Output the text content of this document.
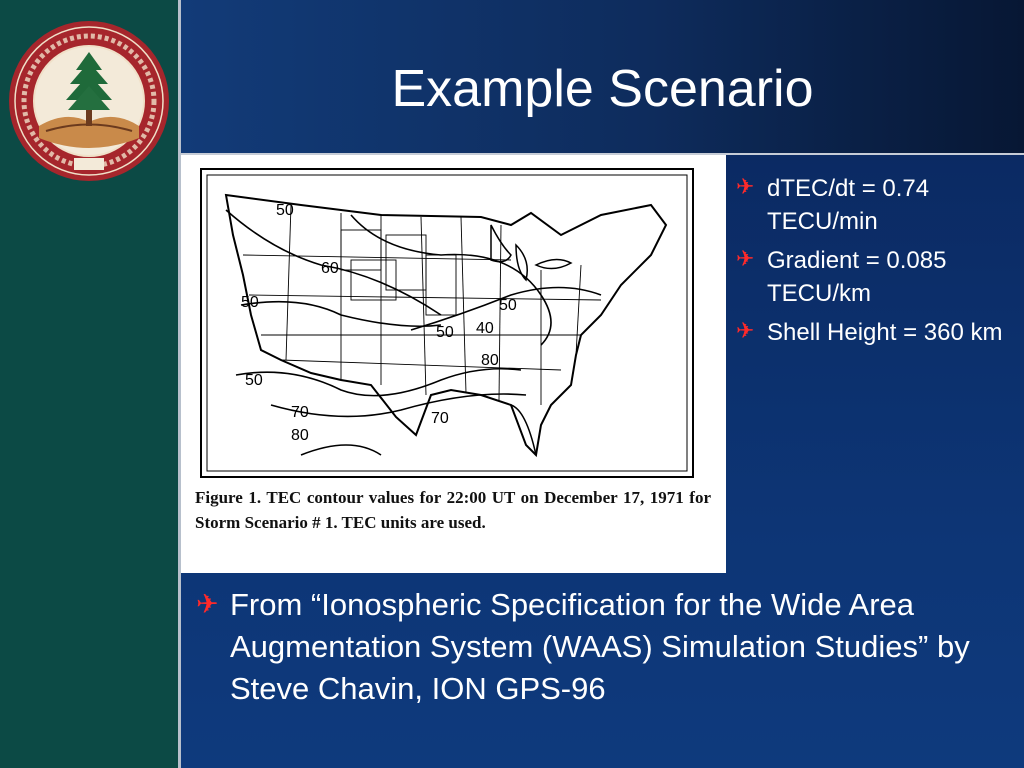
Example Scenario
50
50
50
60
70
40
50
80
70
80
50
Figure 1. TEC contour values for 22:00 UT on December 17, 1971 for Storm Scenario # 1. TEC units are used.
✈ dTEC/dt = 0.74 TECU/min
✈ Gradient = 0.085 TECU/km
✈ Shell Height = 360 km
✈ From “Ionospheric Specification for the Wide Area Augmentation System (WAAS) Simulation Studies” by Steve Chavin, ION GPS-96
